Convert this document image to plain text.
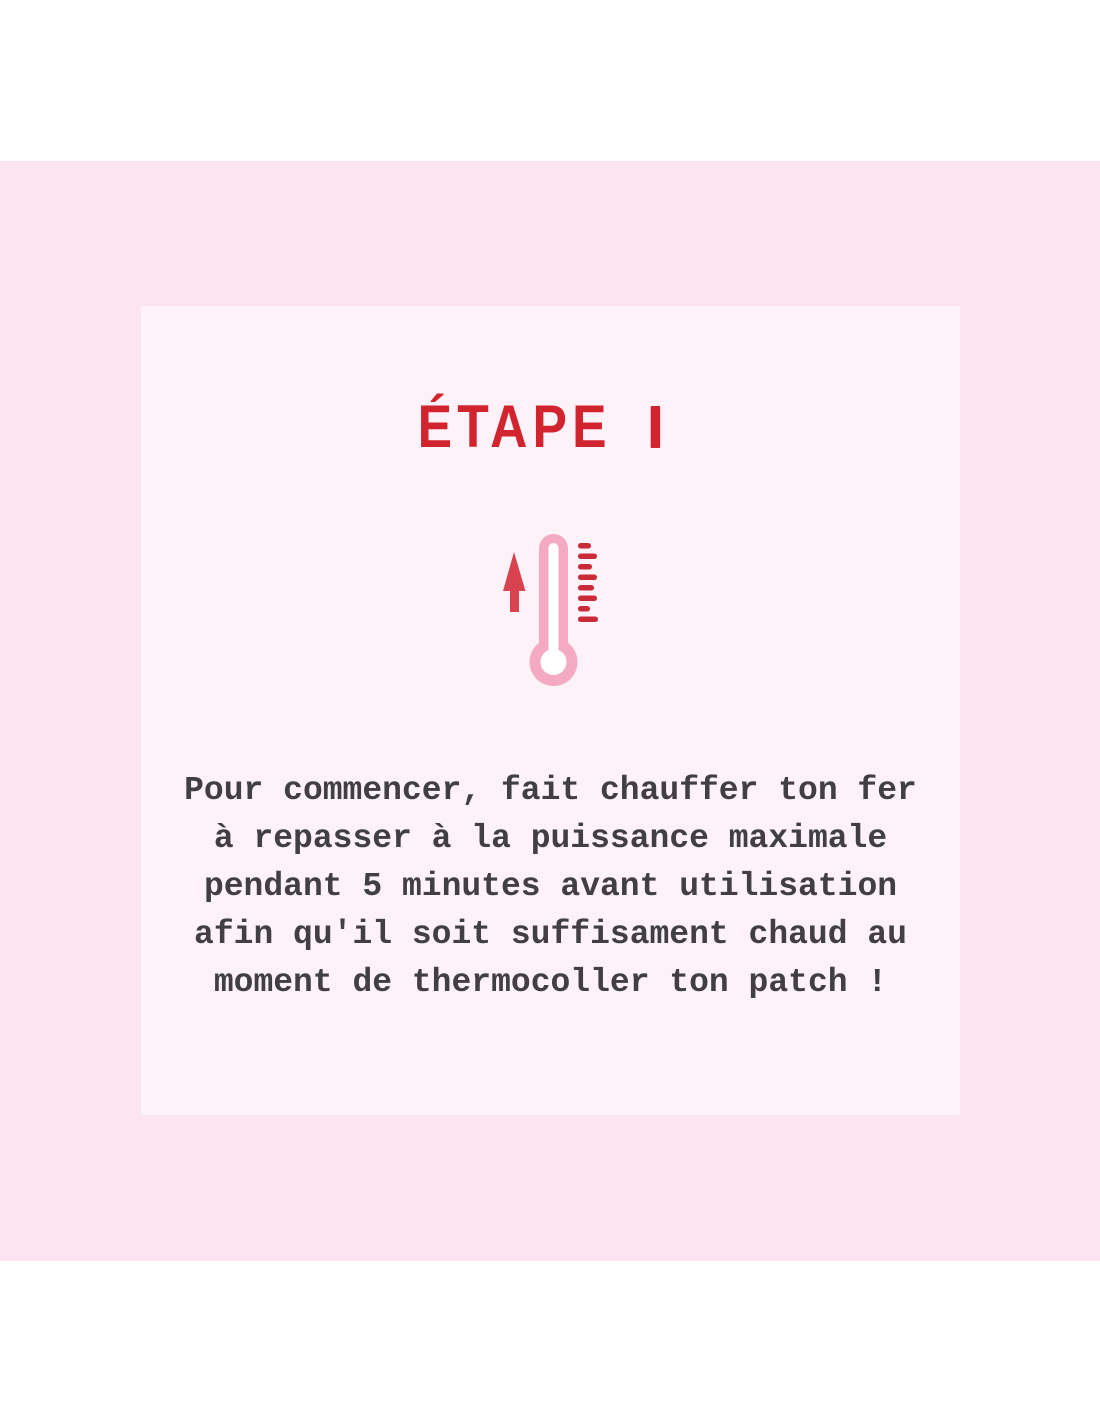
ÉTAPE
Pour commencer, fait chauffer ton fer
à repasser à la puissance maximale
pendant 5 minutes avant utilisation
afin qu'il soit suffisament chaud au
moment de thermocoller ton patch !
